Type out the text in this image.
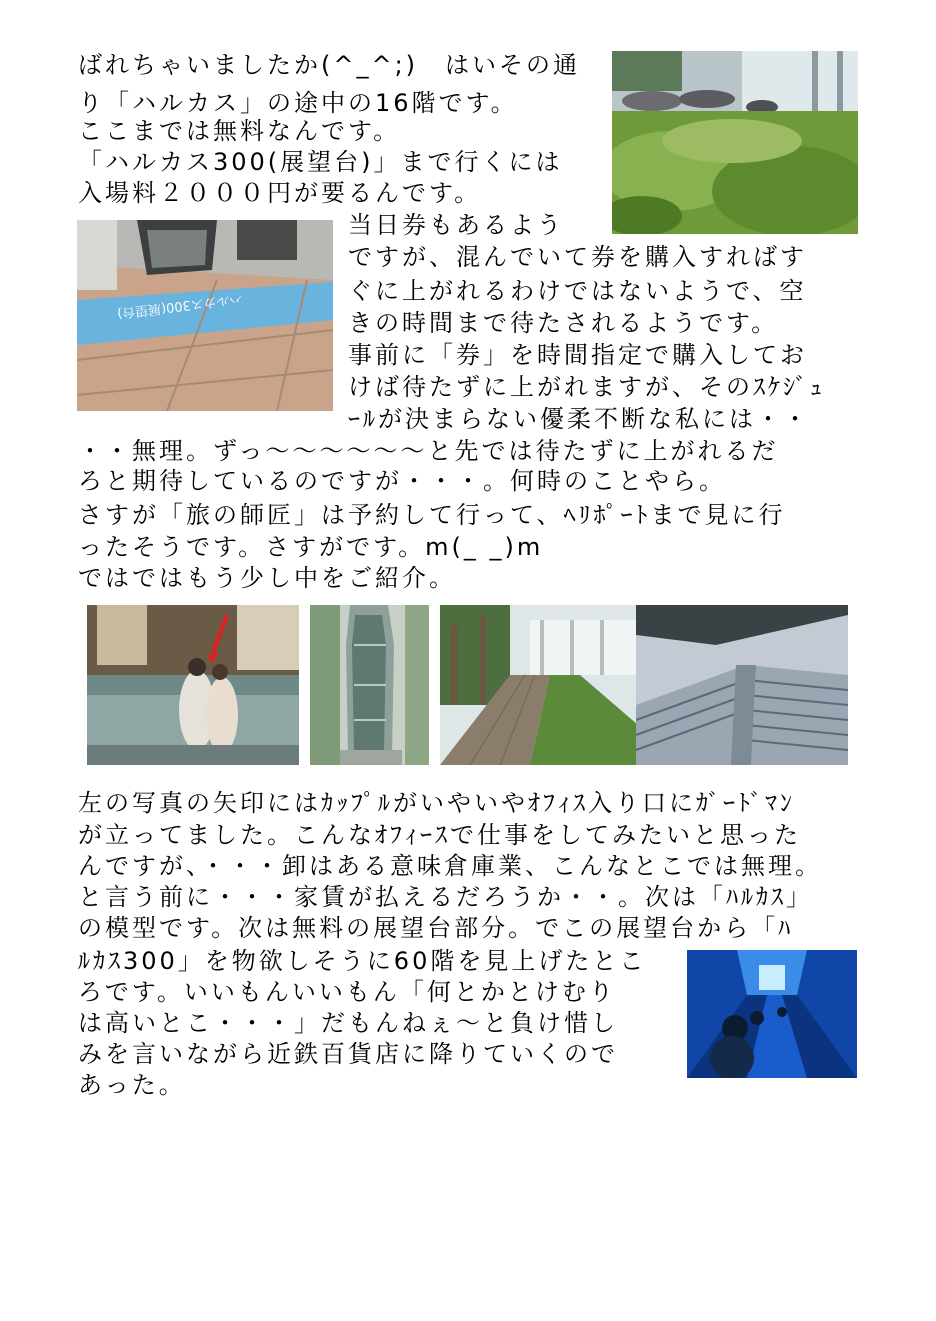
ばれちゃいましたか(^_^;)　はいその通
り「ハルカス」の途中の16階です。
ここまでは無料なんです。
「ハルカス300(展望台)」まで行くには
入場料２０００円が要るんです。
当日券もあるよう
ですが、混んでいて券を購入すればす
ぐに上がれるわけではないようで、空
きの時間まで待たされるようです。
事前に「券」を時間指定で購入してお
けば待たずに上がれますが、そのｽｹｼﾞｭ
ｰﾙが決まらない優柔不断な私には・・
・・無理。ずっ～～～～～～と先では待たずに上がれるだ
ろと期待しているのですが・・・。何時のことやら。
さすが「旅の師匠」は予約して行って、ﾍﾘﾎﾟｰﾄまで見に行
ったそうです。さすがです。m(_ _)m
ではではもう少し中をご紹介。
左の写真の矢印にはｶｯﾌﾟﾙがいやいやｵﾌｨｽ入り口にｶﾞｰﾄﾞﾏﾝ
が立ってました。こんなｵﾌｨｰｽで仕事をしてみたいと思った
んですが、・・・卸はある意味倉庫業、こんなとこでは無理。
と言う前に・・・家賃が払えるだろうか・・。次は「ﾊﾙｶｽ」
の模型です。次は無料の展望台部分。でこの展望台から「ﾊ
ﾙｶｽ300」を物欲しそうに60階を見上げたとこ
ろです。いいもんいいもん「何とかとけむり
は高いとこ・・・」だもんねぇ～と負け惜し
みを言いながら近鉄百貨店に降りていくので
あった。
ハルカス300(展望台)
